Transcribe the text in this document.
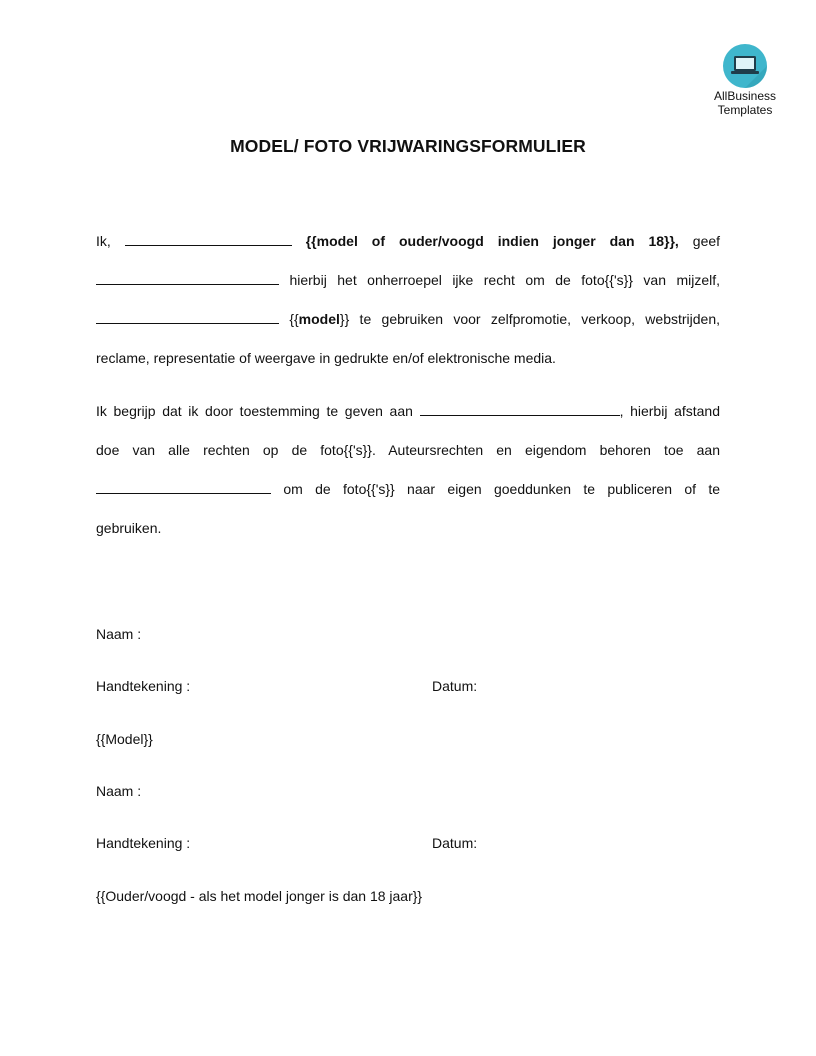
AllBusiness
Templates
MODEL/ FOTO VRIJWARINGSFORMULIER
Ik,	{{model of ouder/voogd indien jonger dan 18}}, geef
hierbij het onherroepel ijke recht om de foto{{'s}} van mijzelf,
{{model}} te gebruiken voor zelfpromotie, verkoop, webstrijden,
reclame, representatie of weergave in gedrukte en/of elektronische media.
Ik begrijp dat ik door toestemming te geven aan	, hierbij afstand
doe van alle rechten op de foto{{'s}}. Auteursrechten en eigendom behoren toe aan
om de foto{{'s}} naar eigen goeddunken te publiceren of te
gebruiken.
Naam :
Handtekening :	Datum:
{{Model}}
Naam :
Handtekening :	Datum:
{{Ouder/voogd - als het model jonger is dan 18 jaar}}
